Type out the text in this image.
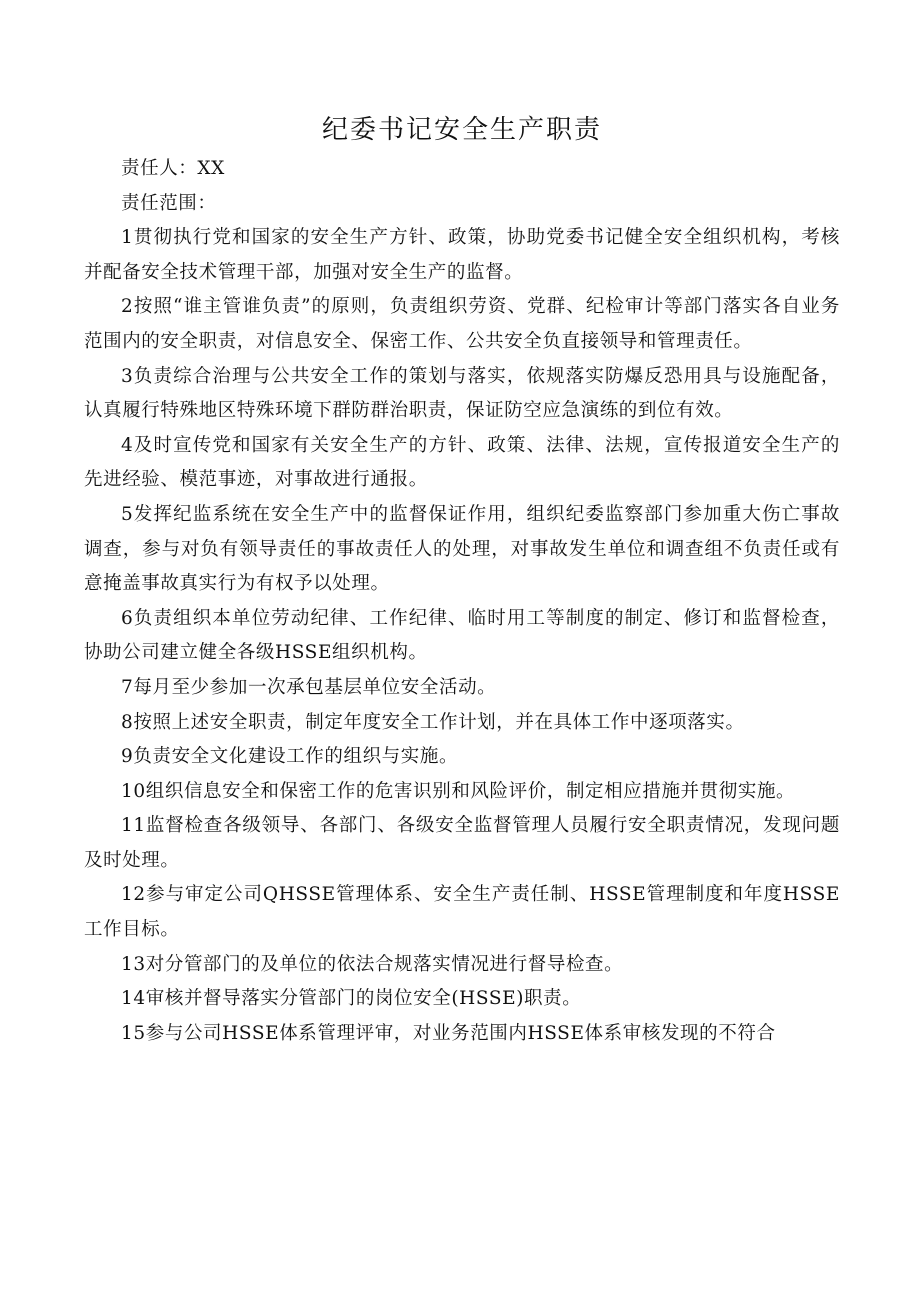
纪委书记安全生产职责

责任人：XX

责任范围：

1贯彻执行党和国家的安全生产方针、政策，协助党委书记健全安全组织机构，考核并配备安全技术管理干部，加强对安全生产的监督。

2按照“谁主管谁负责”的原则，负责组织劳资、党群、纪检审计等部门落实各自业务范围内的安全职责，对信息安全、保密工作、公共安全负直接领导和管理责任。

3负责综合治理与公共安全工作的策划与落实，依规落实防爆反恐用具与设施配备，认真履行特殊地区特殊环境下群防群治职责，保证防空应急演练的到位有效。

4及时宣传党和国家有关安全生产的方针、政策、法律、法规，宣传报道安全生产的先进经验、模范事迹，对事故进行通报。

5发挥纪监系统在安全生产中的监督保证作用，组织纪委监察部门参加重大伤亡事故调查，参与对负有领导责任的事故责任人的处理，对事故发生单位和调查组不负责任或有意掩盖事故真实行为有权予以处理。

6负责组织本单位劳动纪律、工作纪律、临时用工等制度的制定、修订和监督检查，协助公司建立健全各级HSSE组织机构。

7每月至少参加一次承包基层单位安全活动。

8按照上述安全职责，制定年度安全工作计划，并在具体工作中逐项落实。

9负责安全文化建设工作的组织与实施。

10组织信息安全和保密工作的危害识别和风险评价，制定相应措施并贯彻实施。

11监督检查各级领导、各部门、各级安全监督管理人员履行安全职责情况，发现问题及时处理。

12参与审定公司QHSSE管理体系、安全生产责任制、HSSE管理制度和年度HSSE工作目标。

13对分管部门的及单位的依法合规落实情况进行督导检查。

14审核并督导落实分管部门的岗位安全(HSSE)职责。

15参与公司HSSE体系管理评审，对业务范围内HSSE体系审核发现的不符合
